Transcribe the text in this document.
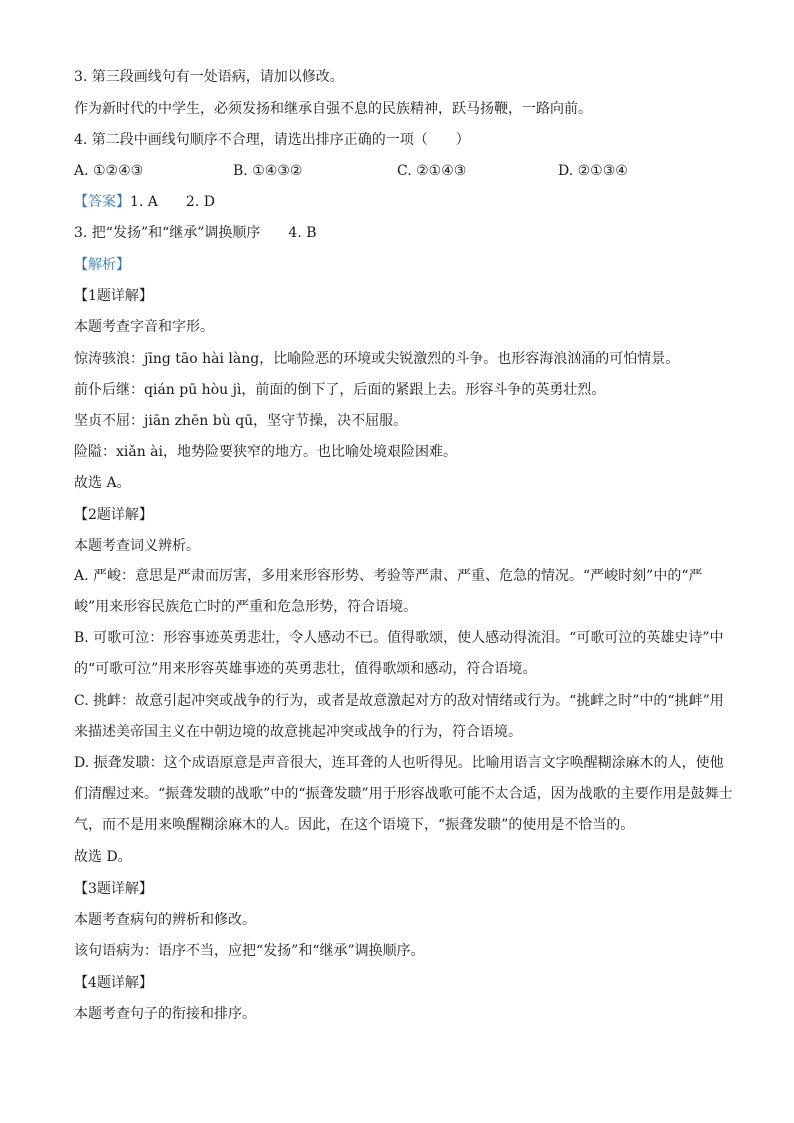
3. 第三段画线句有一处语病，请加以修改。
作为新时代的中学生，必须发扬和继承自强不息的民族精神，跃马扬鞭，一路向前。
4. 第二段中画线句顺序不合理，请选出排序正确的一项（　　）
A. ①②④③	B. ①④③②	C. ②①④③	D. ②①③④
【答案】1. A　　2. D
3. 把“发扬”和“继承”调换顺序　　4. B
【解析】
【1题详解】
本题考查字音和字形。
惊涛骇浪：jīng tāo hài làng，比喻险恶的环境或尖锐激烈的斗争。也形容海浪汹涌的可怕情景。
前仆后继：qián pū hòu jì，前面的倒下了，后面的紧跟上去。形容斗争的英勇壮烈。
坚贞不屈：jiān zhēn bù qū，坚守节操，决不屈服。
险隘：xiǎn ài，地势险要狭窄的地方。也比喻处境艰险困难。
故选 A。
【2题详解】
本题考查词义辨析。
A. 严峻：意思是严肃而厉害，多用来形容形势、考验等严肃、严重、危急的情况。“严峻时刻”中的“严峻”用来形容民族危亡时的严重和危急形势，符合语境。
B. 可歌可泣：形容事迹英勇悲壮，令人感动不已。值得歌颂，使人感动得流泪。“可歌可泣的英雄史诗”中的“可歌可泣”用来形容英雄事迹的英勇悲壮，值得歌颂和感动，符合语境。
C. 挑衅：故意引起冲突或战争的行为，或者是故意激起对方的敌对情绪或行为。“挑衅之时”中的“挑衅”用来描述美帝国主义在中朝边境的故意挑起冲突或战争的行为，符合语境。
D. 振聋发聩：这个成语原意是声音很大，连耳聋的人也听得见。比喻用语言文字唤醒糊涂麻木的人，使他们清醒过来。“振聋发聩的战歌”中的“振聋发聩”用于形容战歌可能不太合适，因为战歌的主要作用是鼓舞士气，而不是用来唤醒糊涂麻木的人。因此，在这个语境下，“振聋发聩”的使用是不恰当的。
故选 D。
【3题详解】
本题考查病句的辨析和修改。
该句语病为：语序不当，应把“发扬”和“继承”调换顺序。
【4题详解】
本题考查句子的衔接和排序。
